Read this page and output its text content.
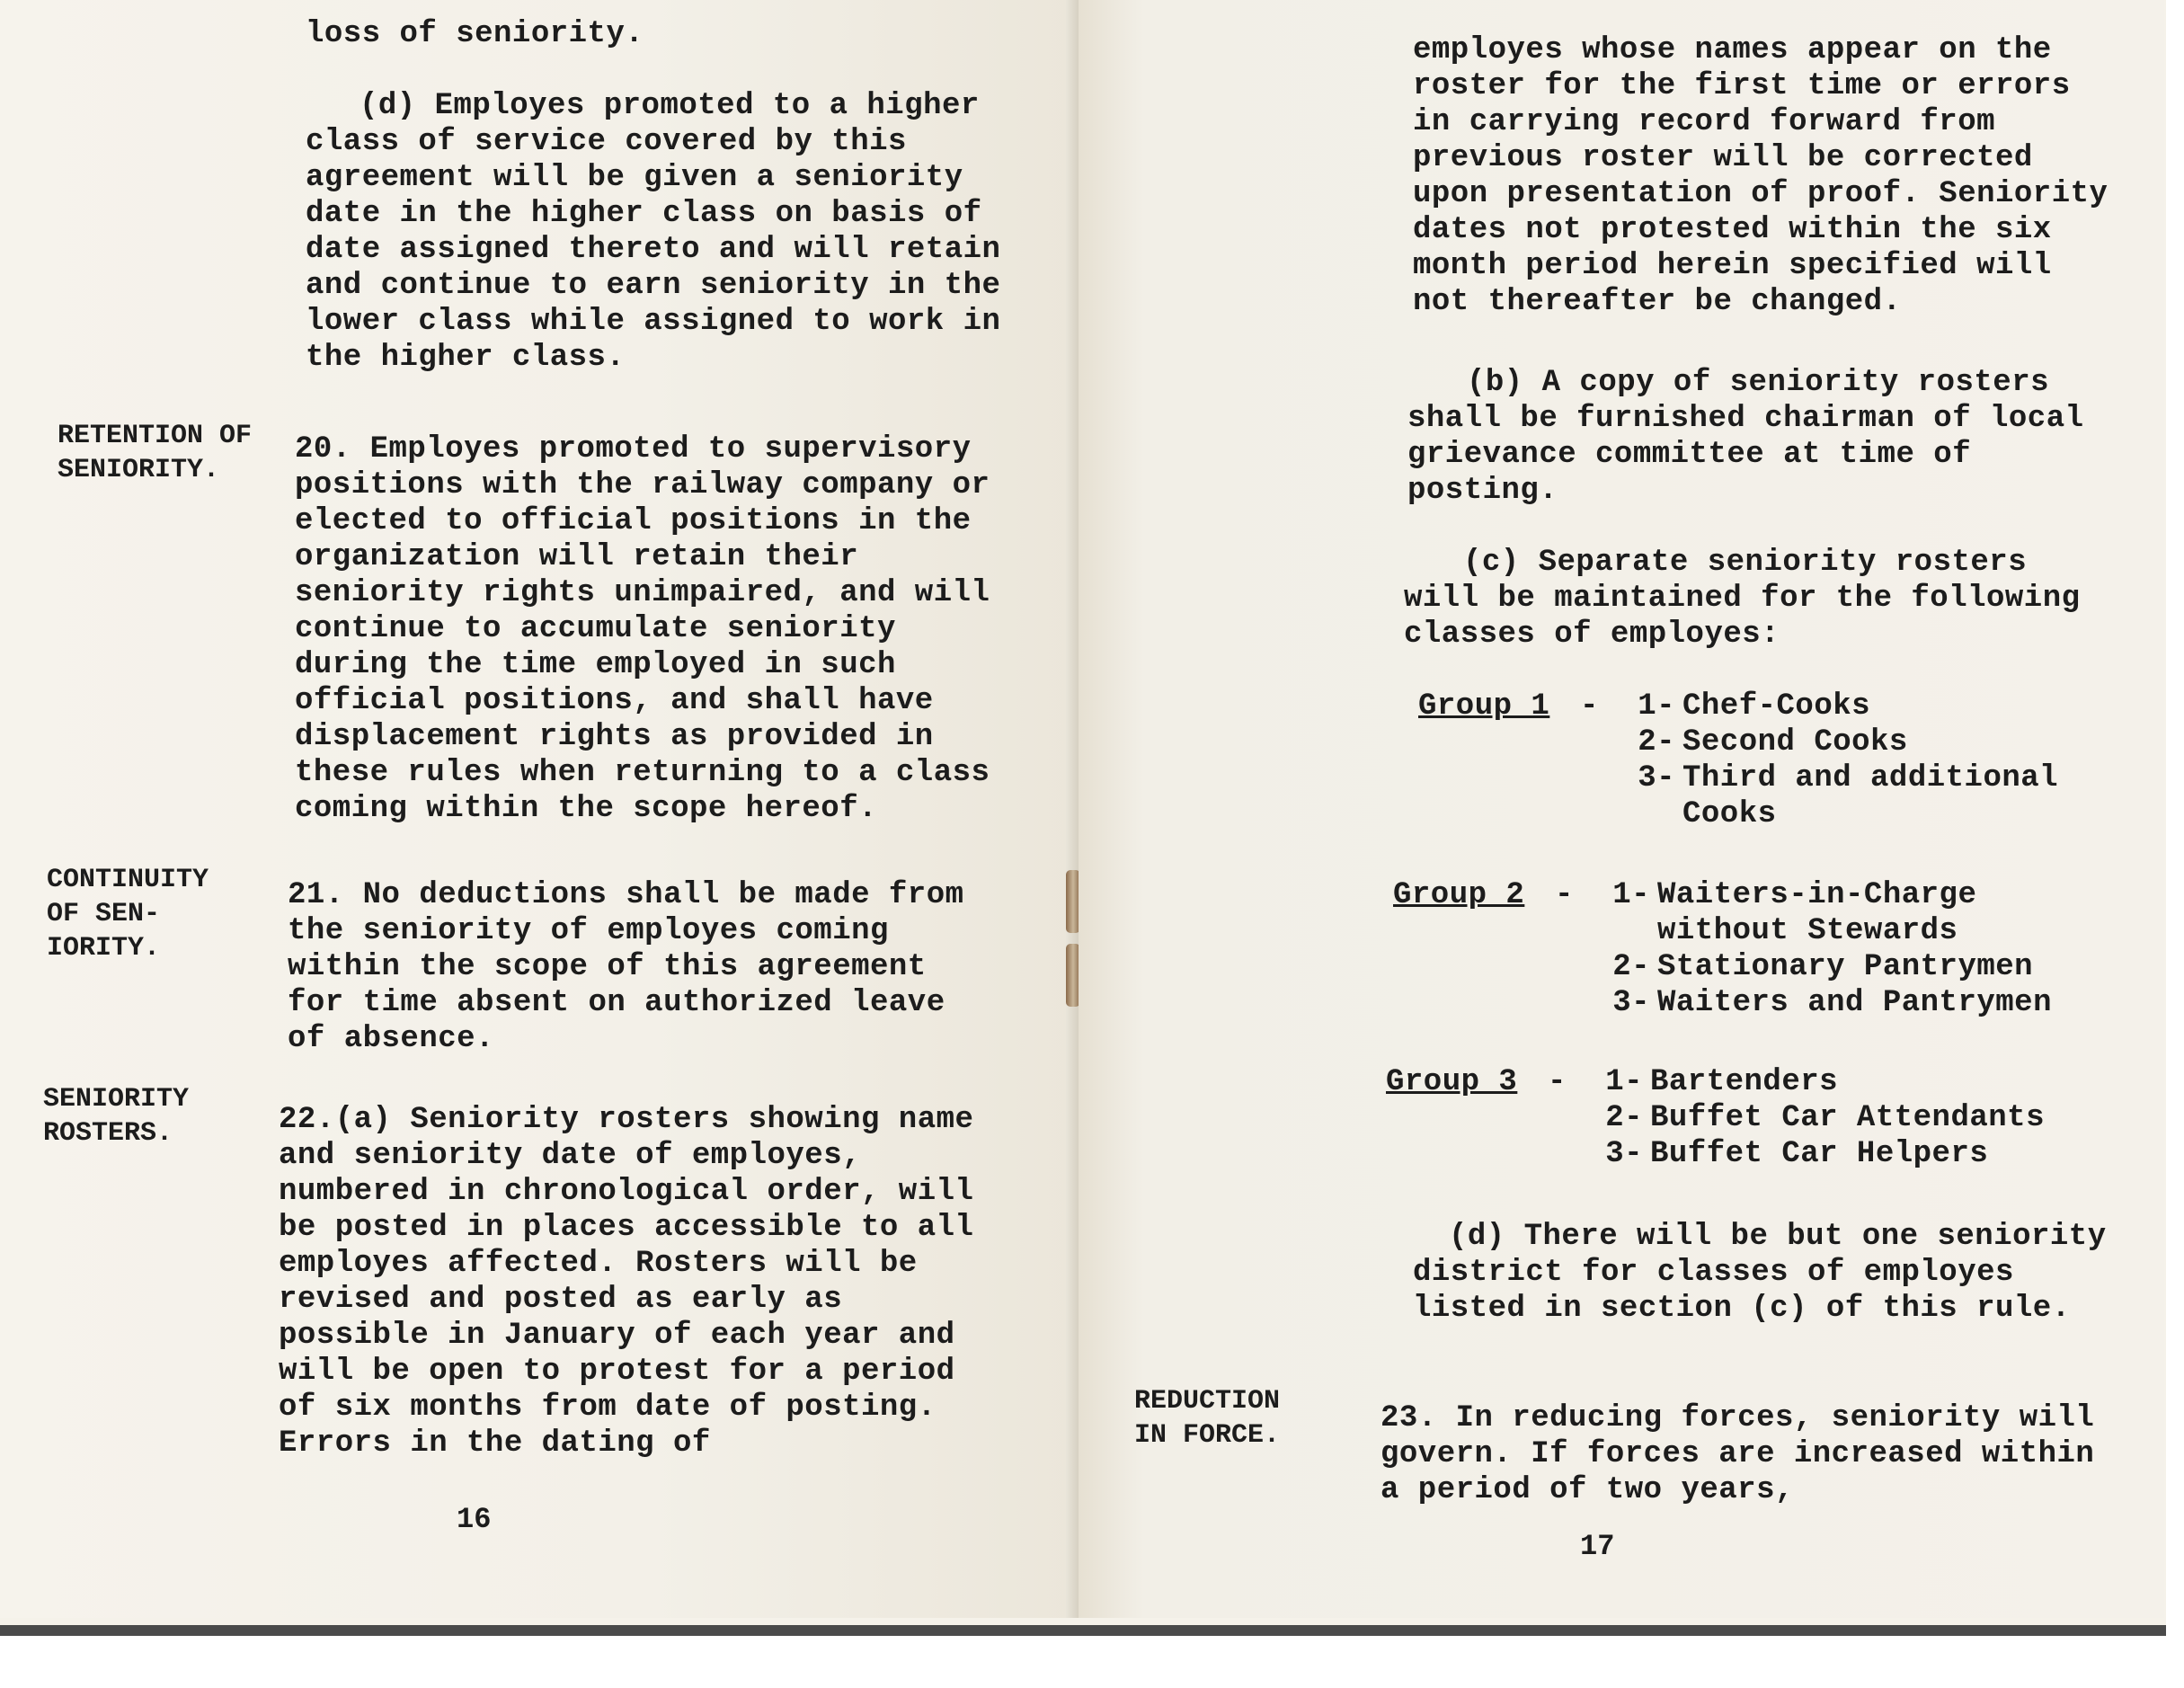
loss of seniority.

(d) Employes promoted to a higher class of service covered by this agreement will be given a seniority date in the higher class on basis of date assigned thereto and will retain and continue to earn seniority in the lower class while assigned to work in the higher class.

RETENTION OF
SENIORITY.

20. Employes promoted to supervisory positions with the railway company or elected to official positions in the organization will retain their seniority rights unimpaired, and will continue to accumulate seniority during the time employed in such official positions, and shall have displacement rights as provided in these rules when returning to a class coming within the scope hereof.

CONTINUITY
OF SEN-
IORITY.

21. No deductions shall be made from the seniority of employes coming within the scope of this agreement for time absent on authorized leave of absence.

SENIORITY
ROSTERS.	22.(a) Seniority rosters showing name and seniority date of employes, numbered in chronological order, will be posted in places accessible to all employes affected. Rosters will be revised and posted as early as possible in January of each year and will be open to protest for a period of six months from date of posting. Errors in the dating of

16

employes whose names appear on the roster for the first time or errors in carrying record forward from previous roster will be corrected upon presentation of proof. Seniority dates not protested within the six month period herein specified will not thereafter be changed.

(b) A copy of seniority rosters shall be furnished chairman of local grievance committee at time of posting.

(c) Separate seniority rosters will be maintained for the following classes of employes:

Group 1 -	1- Chef-Cooks
2- Second Cooks
3- Third and additional Cooks
Group 2 -	1- Waiters-in-Charge without Stewards
2- Stationary Pantrymen
3- Waiters and Pantrymen
Group 3 -	1- Bartenders
2- Buffet Car Attendants
3- Buffet Car Helpers

(d) There will be but one seniority district for classes of employes listed in section (c) of this rule.

REDUCTION
IN FORCE.	23. In reducing forces, seniority will govern. If forces are increased within a period of two years,

17
